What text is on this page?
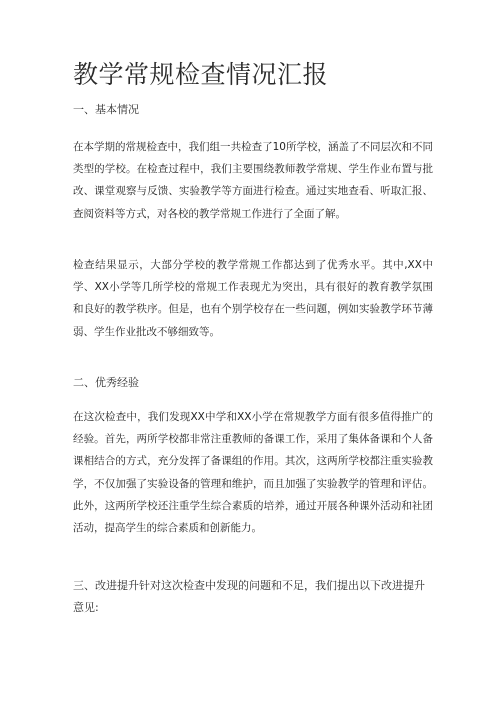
教学常规检查情况汇报
一、基本情况

在本学期的常规检查中，我们组一共检查了10所学校，涵盖了不同层次和不同类型的学校。在检查过程中，我们主要围绕教师教学常规、学生作业布置与批改、课堂观察与反馈、实验教学等方面进行检查。通过实地查看、听取汇报、查阅资料等方式，对各校的教学常规工作进行了全面了解。

检查结果显示，大部分学校的教学常规工作都达到了优秀水平。其中,XX中学、XX小学等几所学校的常规工作表现尤为突出，具有很好的教育教学氛围和良好的教学秩序。但是，也有个别学校存在一些问题，例如实验教学环节薄弱、学生作业批改不够细致等。

二、优秀经验

在这次检查中，我们发现XX中学和XX小学在常规教学方面有很多值得推广的经验。首先，两所学校都非常注重教师的备课工作，采用了集体备课和个人备课相结合的方式，充分发挥了备课组的作用。其次，这两所学校都注重实验教学，不仅加强了实验设备的管理和维护，而且加强了实验教学的管理和评估。此外，这两所学校还注重学生综合素质的培养，通过开展各种课外活动和社团活动，提高学生的综合素质和创新能力。

三、改进提升针对这次检查中发现的问题和不足，我们提出以下改进提升意见:
